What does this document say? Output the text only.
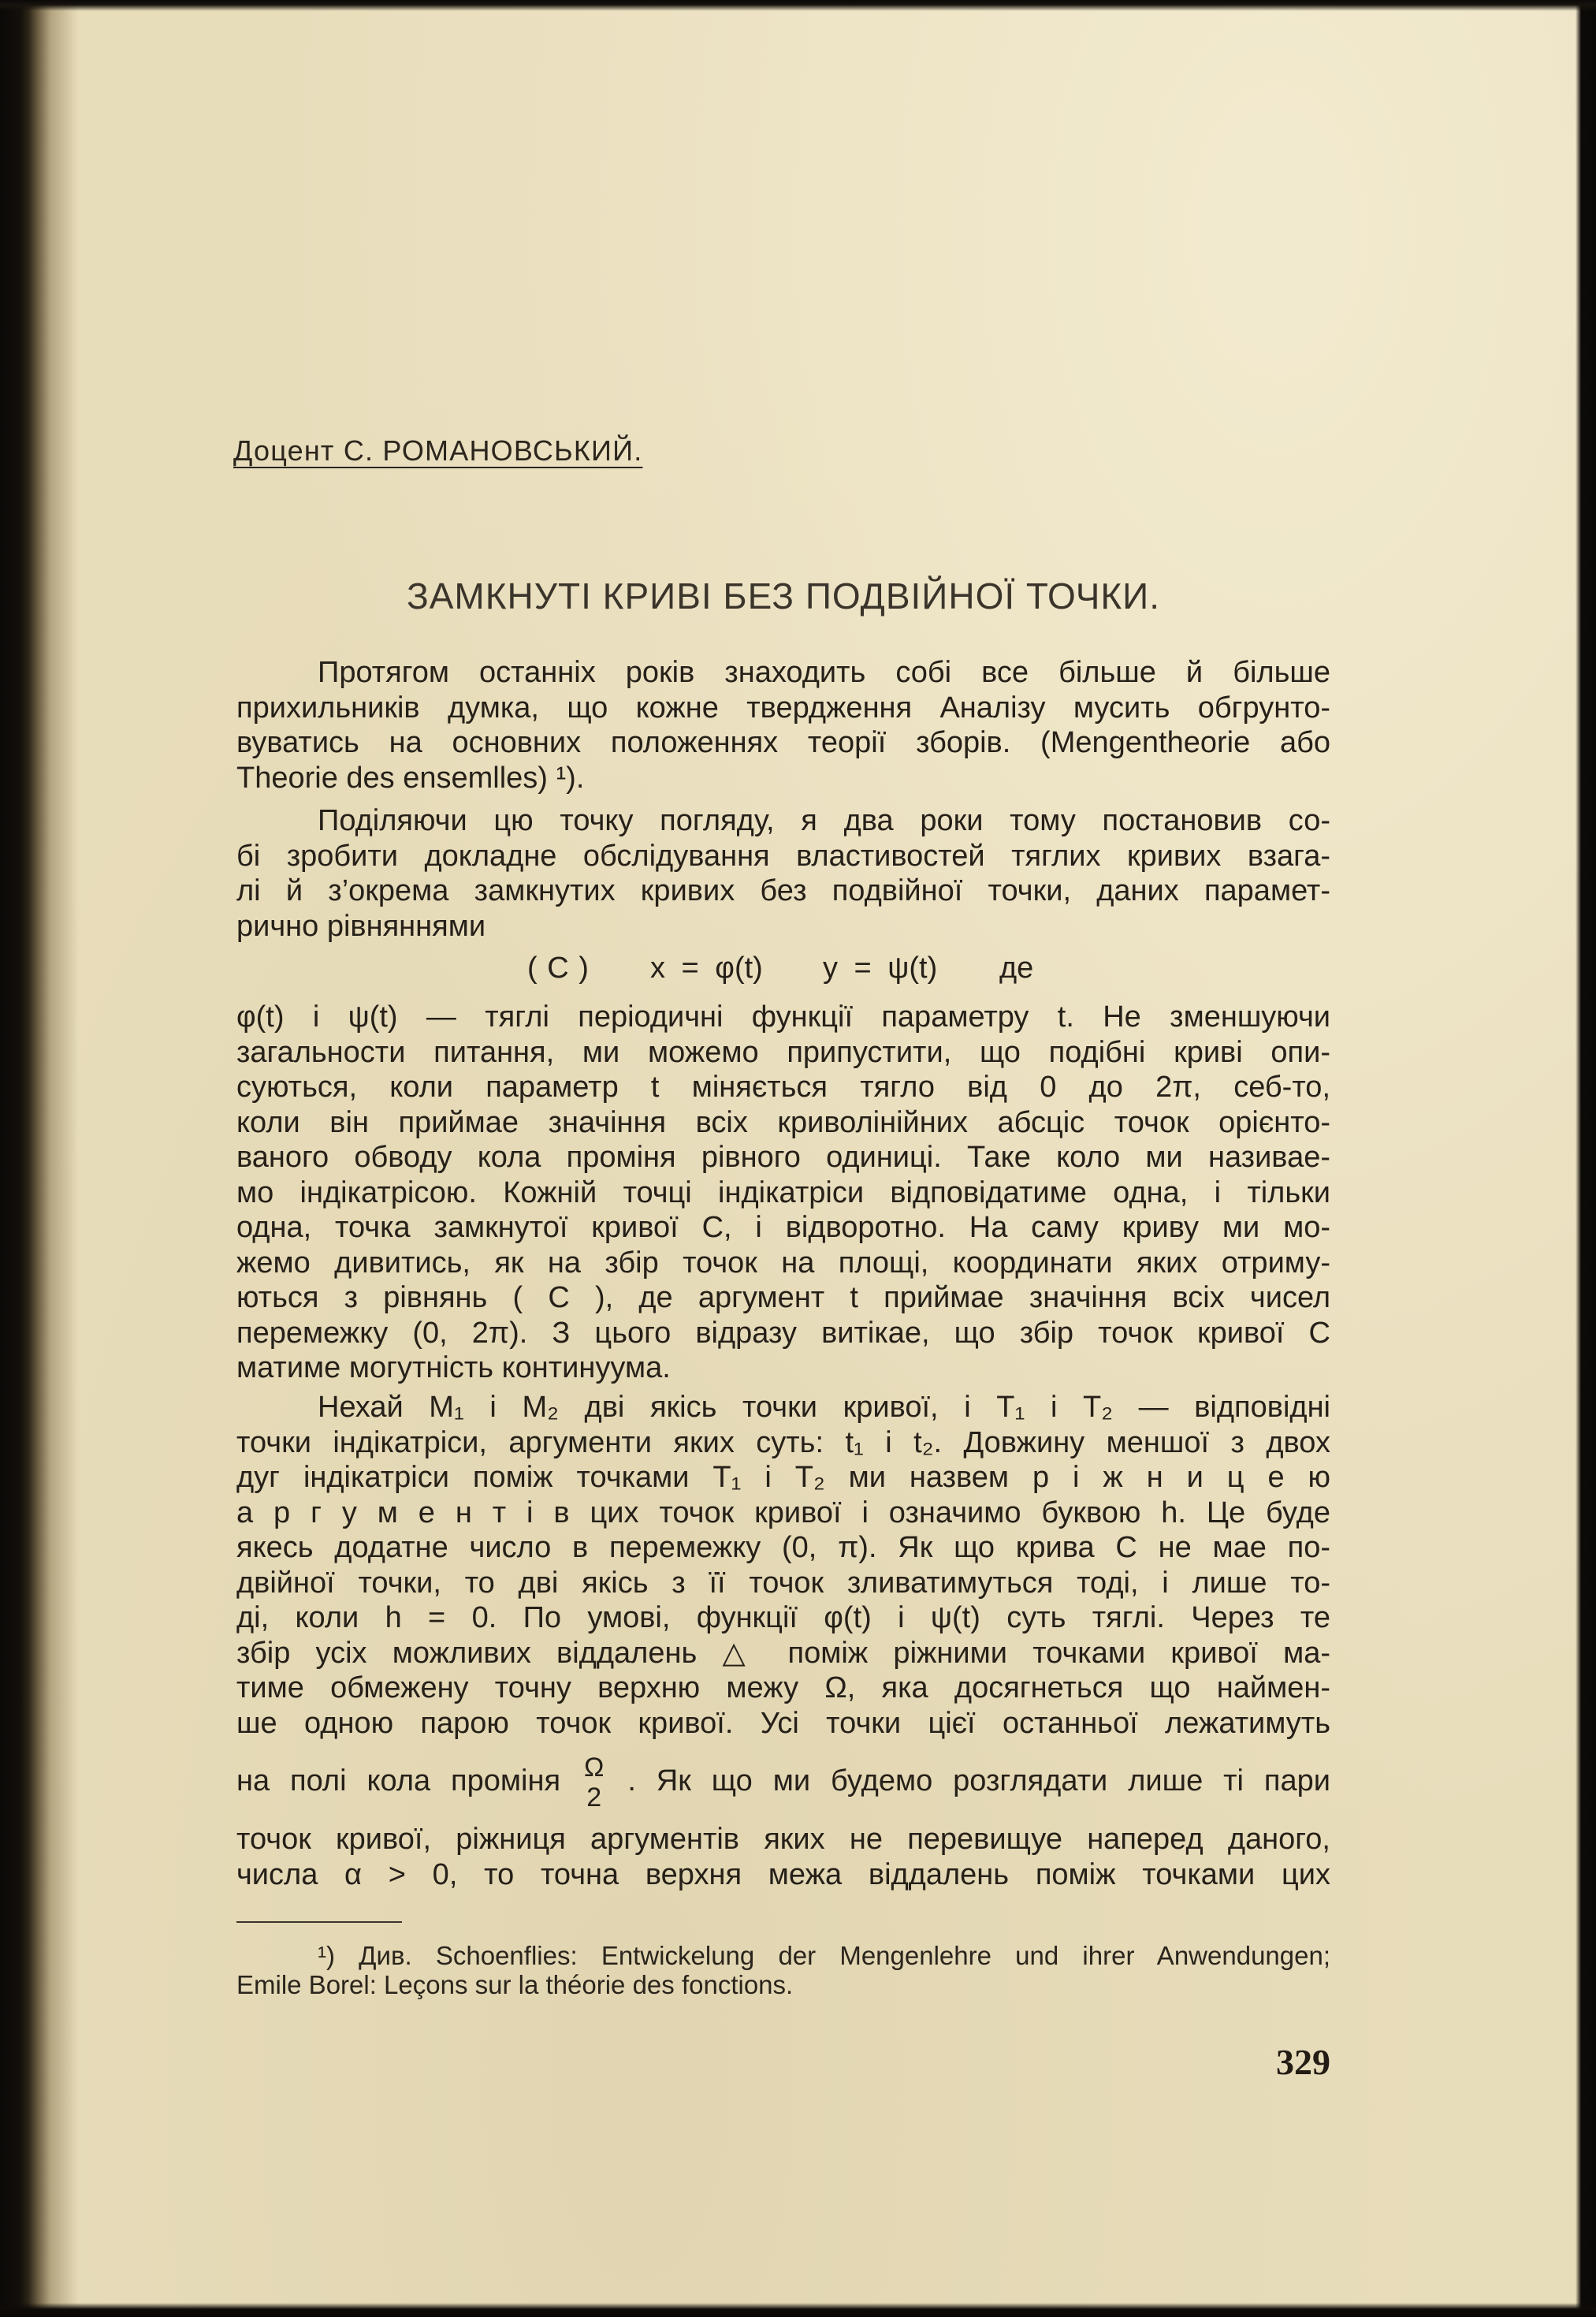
Доцент С. РОМАНОВСЬКИЙ.
ЗАМКНУТІ КРИВІ БЕЗ ПОДВІЙНОЇ ТОЧКИ.
Протягом останніх років знаходить собі все більше й більше
прихильників думка, що кожне твердження Аналізу мусить обгрунто-
вуватись на основних положеннях теорії зборів. (Mengentheorie або
Theorie des ensemlles) ¹).
Поділяючи цю точку погляду, я два роки тому постановив со-
бі зробити докладне обслідування властивостей тяглих кривих взага-
лі й з’окрема замкнутих кривих без подвійної точки, даних парамет-
рично рівняннями
( C ) x = φ(t) y = ψ(t) де
φ(t) і ψ(t) — тяглі періодичні функції параметру t. Не зменшуючи
загальности питання, ми можемо припустити, що подібні криві опи-
суються, коли параметр t міняється тягло від 0 до 2π, себ-то,
коли він приймае значіння всіх криволінійних абсціс точок орієнто-
ваного обводу кола проміня рівного одиниці. Таке коло ми називае-
мо індікатрісою. Кожній точці індікатріси відповідатиме одна, і тільки
одна, точка замкнутої кривої C, і відворотно. На саму криву ми мо-
жемо дивитись, як на збір точок на площі, координати яких отриму-
ються з рівнянь ( C ), де аргумент t приймае значіння всіх чисел
перемежку (0, 2π). З цього відразу витікае, що збір точок кривої C
матиме могутність континуума.
Нехай M₁ і M₂ дві якісь точки кривої, і T₁ і T₂ — відповідні
точки індікатріси, аргументи яких суть: t₁ і t₂. Довжину меншої з двох
дуг індікатріси поміж точками T₁ і T₂ ми назвем р і ж н и ц е ю
а р г у м е н т і в цих точок кривої і означимо буквою h. Це буде
якесь додатне число в перемежку (0, π). Як що крива C не мае по-
двійної точки, то дві якісь з її точок зливатимуться тоді, і лише то-
ді, коли h = 0. По умові, функції φ(t) і ψ(t) суть тяглі. Через те
збір усіх можливих віддалень △ поміж ріжними точками кривої ма-
тиме обмежену точну верхню межу Ω, яка досягнеться що наймен-
ше одною парою точок кривої. Усі точки цієї останньої лежатимуть
на полі кола проміня Ω
2 . Як що ми будемо розглядати лише ті пари
точок кривої, ріжниця аргументів яких не перевищуе наперед даного,
числа α > 0, то точна верхня межа віддалень поміж точками цих
¹) Див. Schoenflies: Entwickelung der Mengenlehre und ihrer Anwendungen;
Emile Borel: Leçons sur la théorie des fonctions.
329
